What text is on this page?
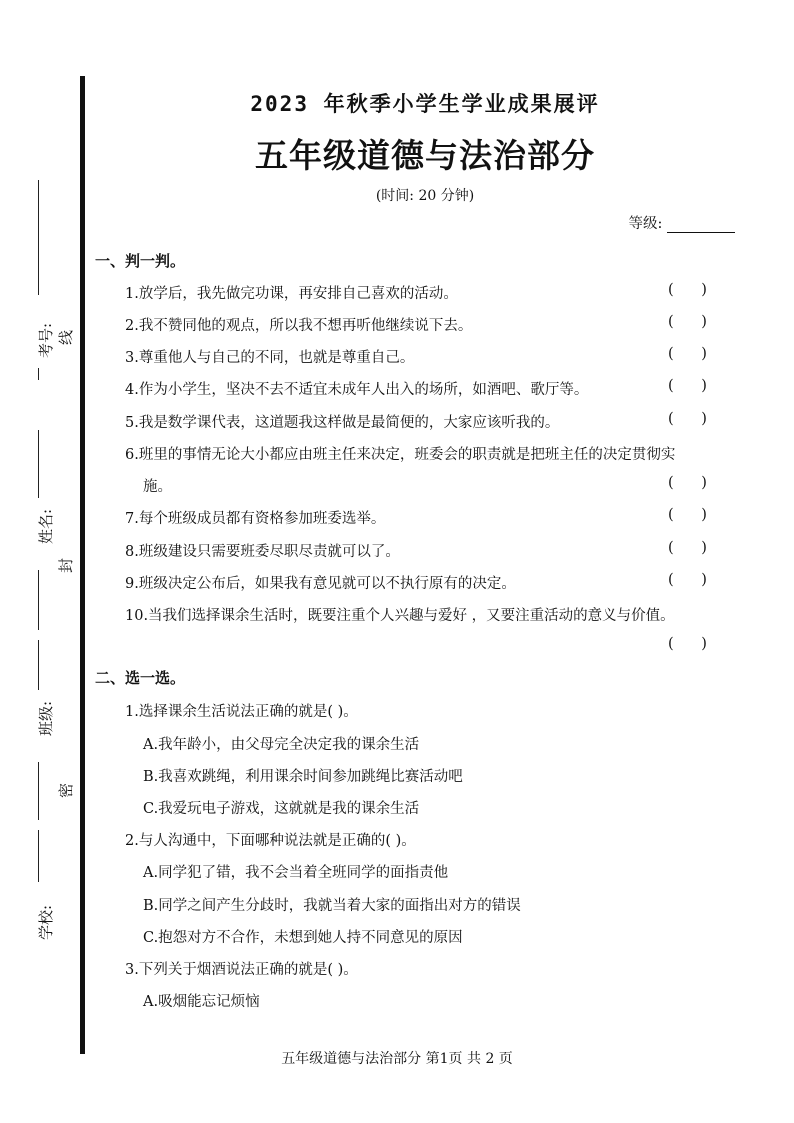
考号:
姓名:
班级:
学校:
线
封
密
2023 年秋季小学生学业成果展评
五年级道德与法治部分
(时间: 20 分钟)
等级:
一、判一判。
1.放学后，我先做完功课，再安排自己喜欢的活动。	(      )
2.我不赞同他的观点，所以我不想再听他继续说下去。	(      )
3.尊重他人与自己的不同，也就是尊重自己。	(      )
4.作为小学生，坚决不去不适宜未成年人出入的场所，如酒吧、歌厅等。	(      )
5.我是数学课代表，这道题我这样做是最简便的，大家应该听我的。	(      )
6.班里的事情无论大小都应由班主任来决定，班委会的职责就是把班主任的决定贯彻实
施。	(      )
7.每个班级成员都有资格参加班委选举。	(      )
8.班级建设只需要班委尽职尽责就可以了。	(      )
9.班级决定公布后，如果我有意见就可以不执行原有的决定。	(      )
10.当我们选择课余生活时，既要注重个人兴趣与爱好 ，又要注重活动的意义与价值。
(      )
二、选一选。
1.选择课余生活说法正确的就是( )。
A.我年龄小，由父母完全决定我的课余生活
B.我喜欢跳绳，利用课余时间参加跳绳比赛活动吧
C.我爱玩电子游戏，这就就是我的课余生活
2.与人沟通中，下面哪种说法就是正确的( )。
A.同学犯了错，我不会当着全班同学的面指责他
B.同学之间产生分歧时，我就当着大家的面指出对方的错误
C.抱怨对方不合作，未想到她人持不同意见的原因
3.下列关于烟酒说法正确的就是( )。
A.吸烟能忘记烦恼
五年级道德与法治部分 第1页 共 2 页
